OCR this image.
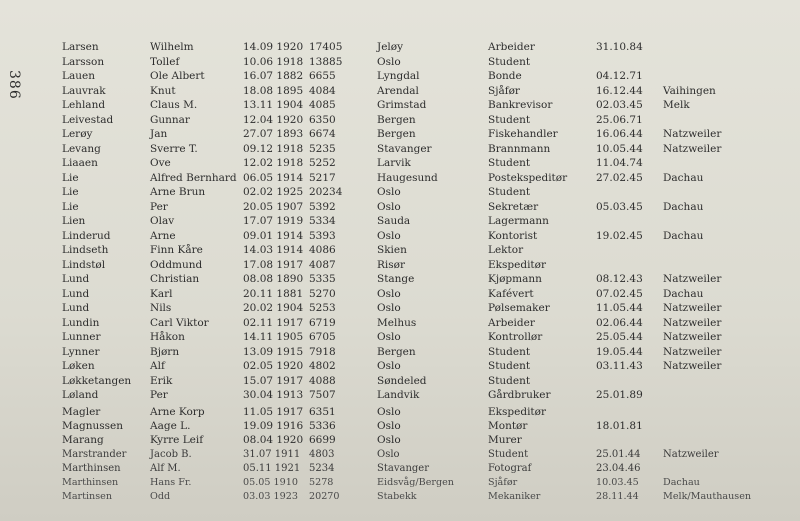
386
Larsen	Wilhelm	14.09 1920 17405	Jeløy	Arbeider	31.10.84
Larsson	Tollef	10.06 1918 13885	Oslo	Student
Lauen	Ole Albert	16.07 1882 6655	Lyngdal	Bonde	04.12.71
Lauvrak	Knut	18.08 1895 4084	Arendal	Sjåfør	16.12.44 Vaihingen
Lehland	Claus M.	13.11 1904 4085	Grimstad	Bankrevisor	02.03.45 Melk
Leivestad	Gunnar	12.04 1920 6350	Bergen	Student	25.06.71
Lerøy	Jan	27.07 1893 6674	Bergen	Fiskehandler	16.06.44 Natzweiler
Levang	Sverre T.	09.12 1918 5235	Stavanger	Brannmann	10.05.44 Natzweiler
Liaaen	Ove	12.02 1918 5252	Larvik	Student	11.04.74
Lie	Alfred Bernhard 06.05 1914 5217	Haugesund	Postekspeditør	27.02.45 Dachau
Lie	Arne Brun	02.02 1925 20234	Oslo	Student
Lie	Per	20.05 1907 5392	Oslo	Sekretær	05.03.45 Dachau
Lien	Olav	17.07 1919 5334	Sauda	Lagermann
Linderud	Arne	09.01 1914 5393	Oslo	Kontorist	19.02.45 Dachau
Lindseth	Finn Kåre	14.03 1914 4086	Skien	Lektor
Lindstøl	Oddmund	17.08 1917 4087	Risør	Ekspeditør
Lund	Christian	08.08 1890 5335	Stange	Kjøpmann	08.12.43 Natzweiler
Lund	Karl	20.11 1881 5270	Oslo	Kafévert	07.02.45 Dachau
Lund	Nils	20.02 1904 5253	Oslo	Pølsemaker	11.05.44 Natzweiler
Lundin	Carl Viktor	02.11 1917 6719	Melhus	Arbeider	02.06.44 Natzweiler
Lunner	Håkon	14.11 1905 6705	Oslo	Kontrollør	25.05.44 Natzweiler
Lynner	Bjørn	13.09 1915 7918	Bergen	Student	19.05.44 Natzweiler
Løken	Alf	02.05 1920 4802	Oslo	Student	03.11.43 Natzweiler
Løkketangen Erik	15.07 1917 4088	Søndeled	Student
Løland	Per	30.04 1913 7507	Landvik	Gårdbruker	25.01.89
Magler	Arne Korp	11.05 1917 6351	Oslo	Ekspeditør
Magnussen	Aage L.	19.09 1916 5336	Oslo	Montør	18.01.81
Marang	Kyrre Leif	08.04 1920 6699	Oslo	Murer
Marstrander Jacob B.	31.07 1911 4803	Oslo	Student	25.01.44 Natzweiler
Marthinsen	Alf M.	05.11 1921 5234	Stavanger	Fotograf	23.04.46
Marthinsen	Hans Fr.	05.05 1910 5278	Eidsvåg/Bergen	Sjåfør	10.03.45	Dachau
Martinsen	Odd	03.03 1923 20270	Stabekk	Mekaniker	28.11.44	Melk/Mauthausen
